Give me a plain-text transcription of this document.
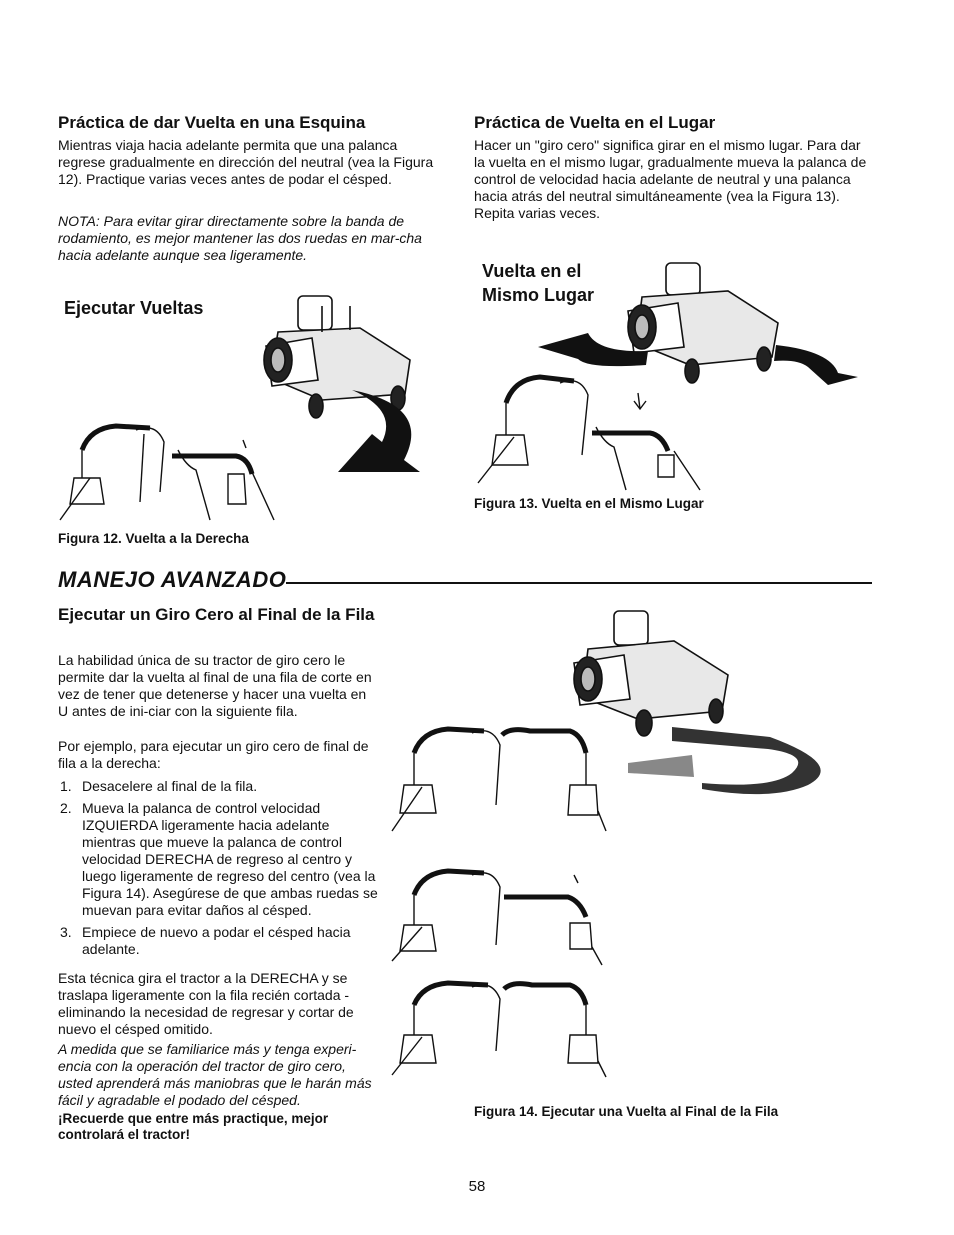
Práctica de dar Vuelta en una Esquina

Mientras viaja hacia adelante permita que una palanca regrese gradualmente en dirección del neutral (vea la Figura 12). Practique varias veces antes de podar el césped.

NOTA: Para evitar girar directamente sobre la banda de rodamiento, es mejor mantener las dos ruedas en mar-cha hacia adelante aunque sea ligeramente.

Práctica de Vuelta en el Lugar

Hacer un "giro cero" significa girar en el mismo lugar. Para dar la vuelta en el mismo lugar, gradualmente mueva la palanca de control de velocidad hacia adelante de neutral y una palanca hacia atrás del neutral simultáneamente (vea la Figura 13). Repita varias veces.

Ejecutar Vueltas
Figura 12. Vuelta a la Derecha
Vuelta en el
Mismo Lugar
Figura 13. Vuelta en el Mismo Lugar
MANEJO AVANZADO
Ejecutar un Giro Cero al Final de la Fila

La habilidad única de su tractor de giro cero le permite dar la vuelta al final de una fila de corte en vez de tener que detenerse y hacer una vuelta en U antes de ini-ciar con la siguiente fila.

Por ejemplo, para ejecutar un giro cero de final de fila a la derecha:

1. Desacelere al final de la fila.
2. Mueva la palanca de control velocidad IZQUIERDA ligeramente hacia adelante mientras que mueve la palanca de control velocidad DERECHA de regreso al centro y luego ligeramente de regreso del centro (vea la Figura 14). Asegúrese de que ambas ruedas se muevan para evitar daños al césped.
3. Empiece de nuevo a podar el césped hacia adelante.

Esta técnica gira el tractor a la DERECHA y se traslapa ligeramente con la fila recién cortada - eliminando la necesidad de regresar y cortar de nuevo el césped omitido.

A medida que se familiarice más y tenga experi-encia con la operación del tractor de giro cero, usted aprenderá más maniobras que le harán más fácil y agradable el podado del césped.

¡Recuerde que entre más practique, mejor controlará el tractor!

Figura 14. Ejecutar una Vuelta al Final de la Fila
58
